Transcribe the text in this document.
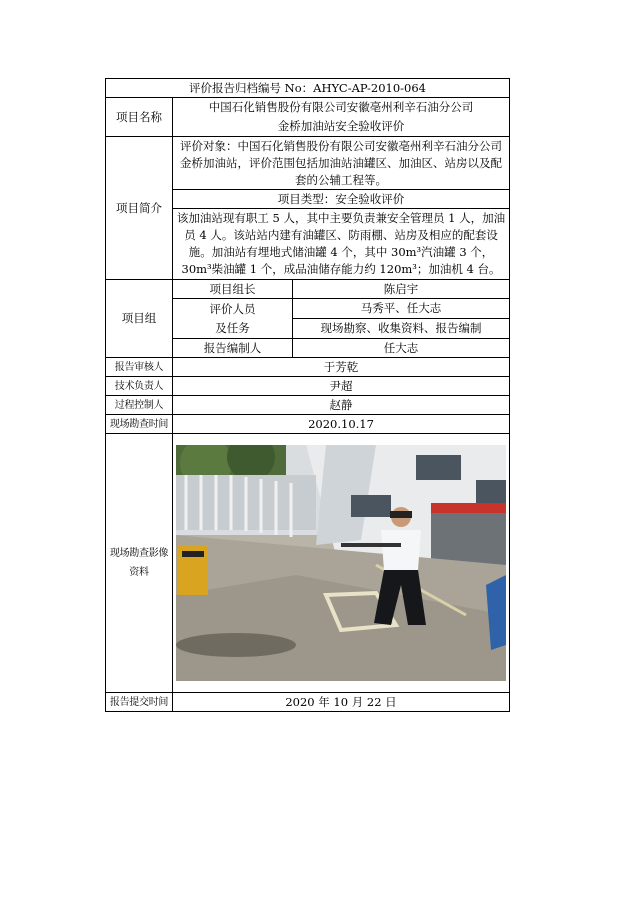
评价报告归档编号 No：AHYC-AP-2010-064		
项目名称	中国石化销售股份有限公司安徽亳州利辛石油分公司
金桥加油站安全验收评价	

项目简介	评价对象：中国石化销售股份有限公司安徽亳州利辛石油分公司金桥加油站，评价范围包括加油站油罐区、加油区、站房以及配套的公辅工程等。	
	项目类型：安全验收评价	
	该加油站现有职工 5 人，其中主要负责兼安全管理员 1 人，加油员 4 人。该站站内建有油罐区、防雨棚、站房及相应的配套设施。加油站有埋地式储油罐 4 个，其中 30m³汽油罐 3 个，30m³柴油罐 1 个，成品油储存能力约 120m³；加油机 4 台。	
项目组	项目组长	陈启宇

	评价人员
及任务	马秀平、任大志
		现场勘察、收集资料、报告编制
	报告编制人	任大志
报告审核人	于芳乾	
技术负责人	尹超	
过程控制人	赵静	
现场勘查时间	2020.10.17	

现场勘查影像
资料

报告提交时间	2020 年 10 月 22 日	
